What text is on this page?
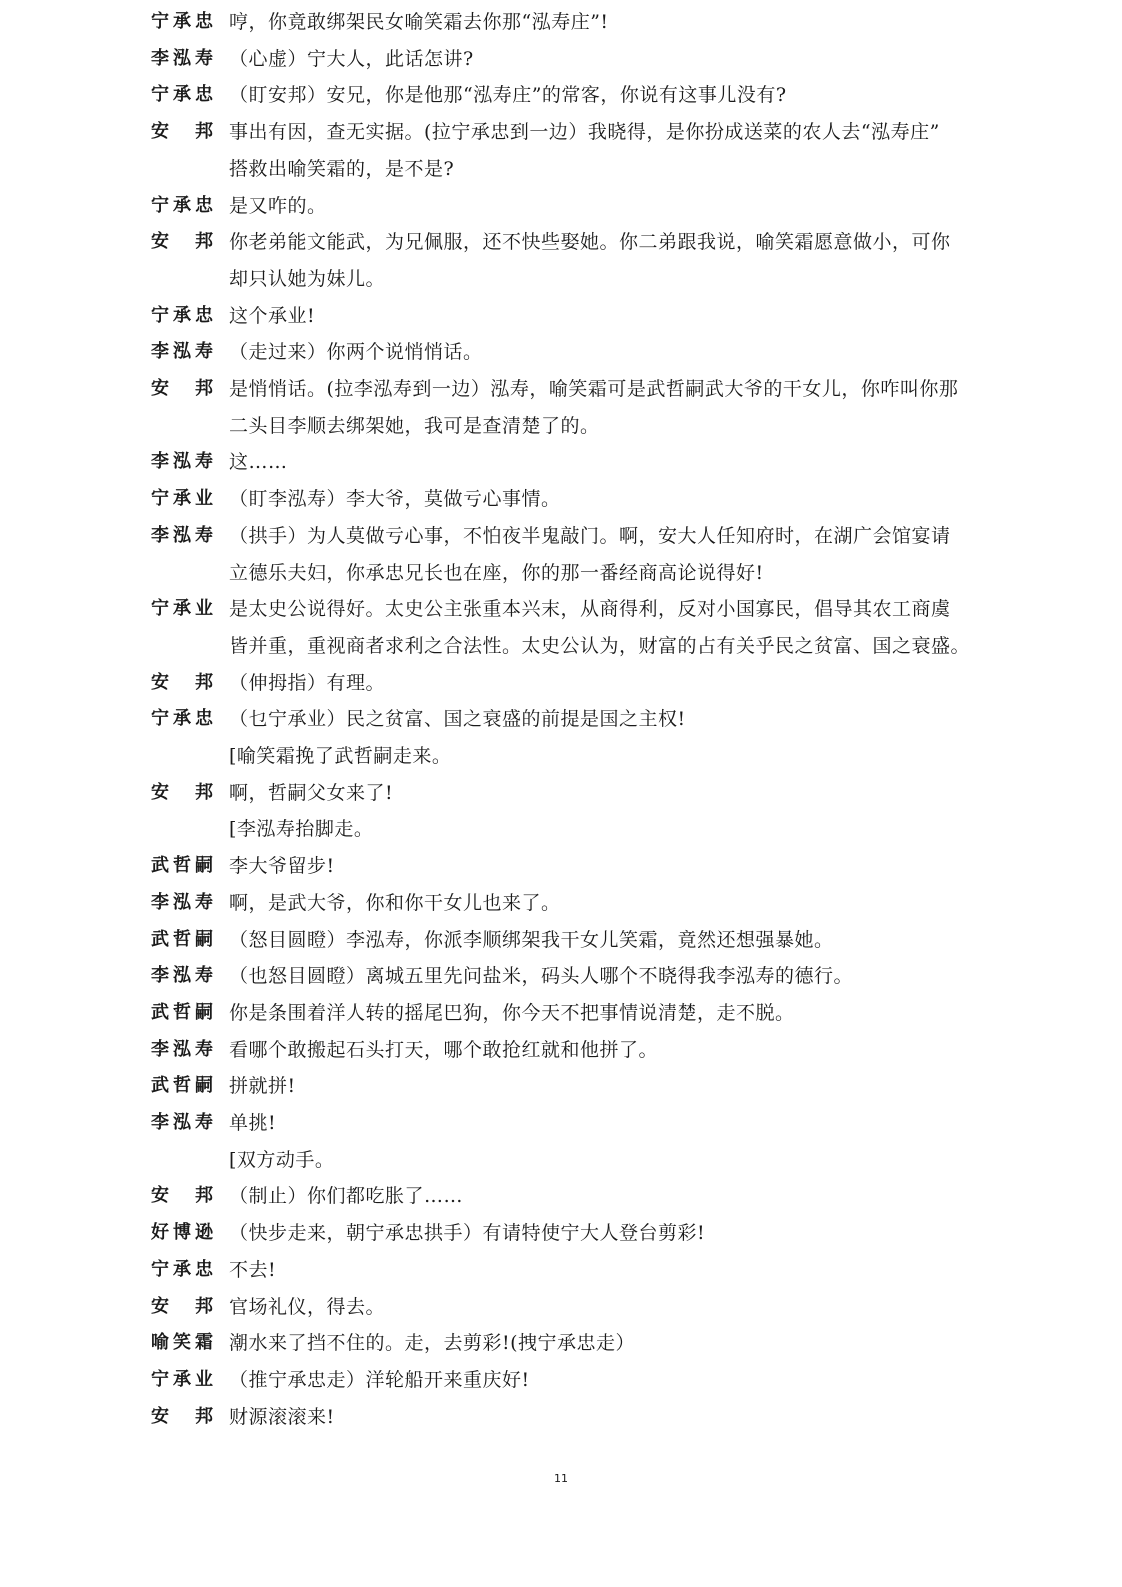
宁承忠 哼，你竟敢绑架民女喻笑霜去你那“泓寿庄”!
李泓寿 （心虚）宁大人，此话怎讲?
宁承忠 （盯安邦）安兄，你是他那“泓寿庄”的常客，你说有这事儿没有?
安 邦 事出有因，查无实据。(拉宁承忠到一边）我晓得，是你扮成送菜的农人去“泓寿庄”
搭救出喻笑霜的，是不是?
宁承忠 是又咋的。
安 邦 你老弟能文能武，为兄佩服，还不快些娶她。你二弟跟我说，喻笑霜愿意做小，可你
却只认她为妹儿。
宁承忠 这个承业!
李泓寿 （走过来）你两个说悄悄话。
安 邦 是悄悄话。(拉李泓寿到一边）泓寿，喻笑霜可是武哲嗣武大爷的干女儿，你咋叫你那
二头目李顺去绑架她，我可是查清楚了的。
李泓寿 这……
宁承业 （盯李泓寿）李大爷，莫做亏心事情。
李泓寿 （拱手）为人莫做亏心事，不怕夜半鬼敲门。啊，安大人任知府时，在湖广会馆宴请
立德乐夫妇，你承忠兄长也在座，你的那一番经商高论说得好!
宁承业 是太史公说得好。太史公主张重本兴末，从商得利，反对小国寡民，倡导其农工商虞
皆并重，重视商者求利之合法性。太史公认为，财富的占有关乎民之贫富、国之衰盛。
安 邦 （伸拇指）有理。
宁承忠 （乜宁承业）民之贫富、国之衰盛的前提是国之主权!
[喻笑霜挽了武哲嗣走来。
安 邦 啊，哲嗣父女来了!
[李泓寿抬脚走。
武哲嗣 李大爷留步!
李泓寿 啊，是武大爷，你和你干女儿也来了。
武哲嗣 （怒目圆瞪）李泓寿，你派李顺绑架我干女儿笑霜，竟然还想强暴她。
李泓寿 （也怒目圆瞪）离城五里先问盐米，码头人哪个不晓得我李泓寿的德行。
武哲嗣 你是条围着洋人转的摇尾巴狗，你今天不把事情说清楚，走不脱。
李泓寿 看哪个敢搬起石头打天，哪个敢抢红就和他拼了。
武哲嗣 拼就拼!
李泓寿 单挑!
[双方动手。
安 邦 （制止）你们都吃胀了……
好博逊 （快步走来，朝宁承忠拱手）有请特使宁大人登台剪彩!
宁承忠 不去!
安 邦 官场礼仪，得去。
喻笑霜 潮水来了挡不住的。走，去剪彩!(拽宁承忠走）
宁承业 （推宁承忠走）洋轮船开来重庆好!
安 邦 财源滚滚来!
11
